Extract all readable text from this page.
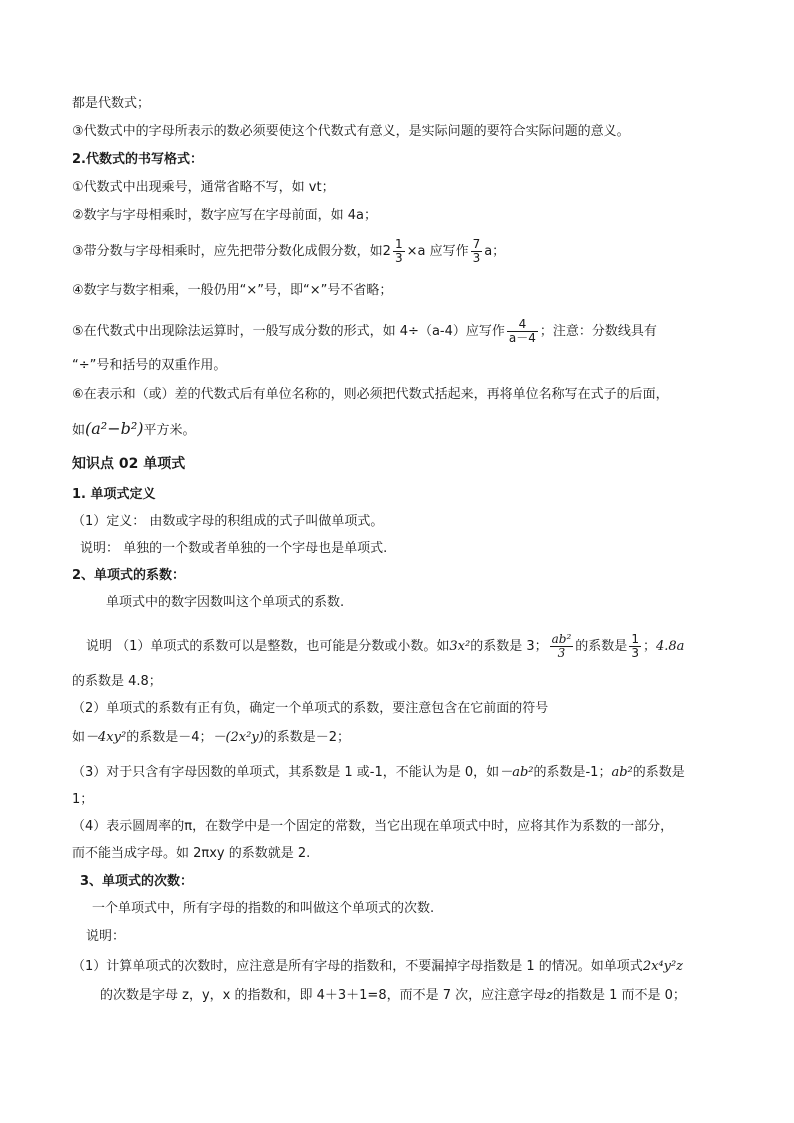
都是代数式；
③代数式中的字母所表示的数必须要使这个代数式有意义，是实际问题的要符合实际问题的意义。
2.代数式的书写格式：
①代数式中出现乘号，通常省略不写，如 vt；
②数字与字母相乘时，数字应写在字母前面，如 4a；
③带分数与字母相乘时，应先把带分数化成假分数，如$2 \frac{1}{3} \times a$ 应写作 $\frac{7}{3}$ a；
④数字与数字相乘，一般仍用“×”号，即“×”号不省略；
⑤在代数式中出现除法运算时，一般写成分数的形式，如 4÷（a-4）应写作 $\frac{4}{a-4}$ ；注意：分数线具有
“÷”号和括号的双重作用。
⑥在表示和（或）差的代数式后有单位名称的，则必须把代数式括起来，再将单位名称写在式子的后面，
如(a²−b²)平方米。
知识点 02 单项式
1. 单项式定义
（1）定义： 由数或字母的积组成的式子叫做单项式。
说明： 单独的一个数或者单独的一个字母也是单项式.
2、单项式的系数：
单项式中的数字因数叫这个单项式的系数.
说明 （1）单项式的系数可以是整数，也可能是分数或小数。如3x²的系数是 3； $\frac{\text{ab²}}{3}$ 的系数是 $\frac{1}{3}$ ；4.8a
的系数是 4.8；
（2）单项式的系数有正有负，确定一个单项式的系数，要注意包含在它前面的符号
如－4xy²的系数是－4；－(2x²y)的系数是－2；
（3）对于只含有字母因数的单项式，其系数是 1 或-1，不能认为是 0，如－ab²的系数是-1；ab²的系数是
1；
（4）表示圆周率的π，在数学中是一个固定的常数，当它出现在单项式中时，应将其作为系数的一部分，
而不能当成字母。如 2πxy 的系数就是 2.
3、单项式的次数：
一个单项式中，所有字母的指数的和叫做这个单项式的次数.
说明：
（1）计算单项式的次数时，应注意是所有字母的指数和，不要漏掉字母指数是 1 的情况。如单项式2x⁴y²z
的次数是字母 z，y，x 的指数和，即 4＋3＋1=8，而不是 7 次，应注意字母z的指数是 1 而不是 0；
